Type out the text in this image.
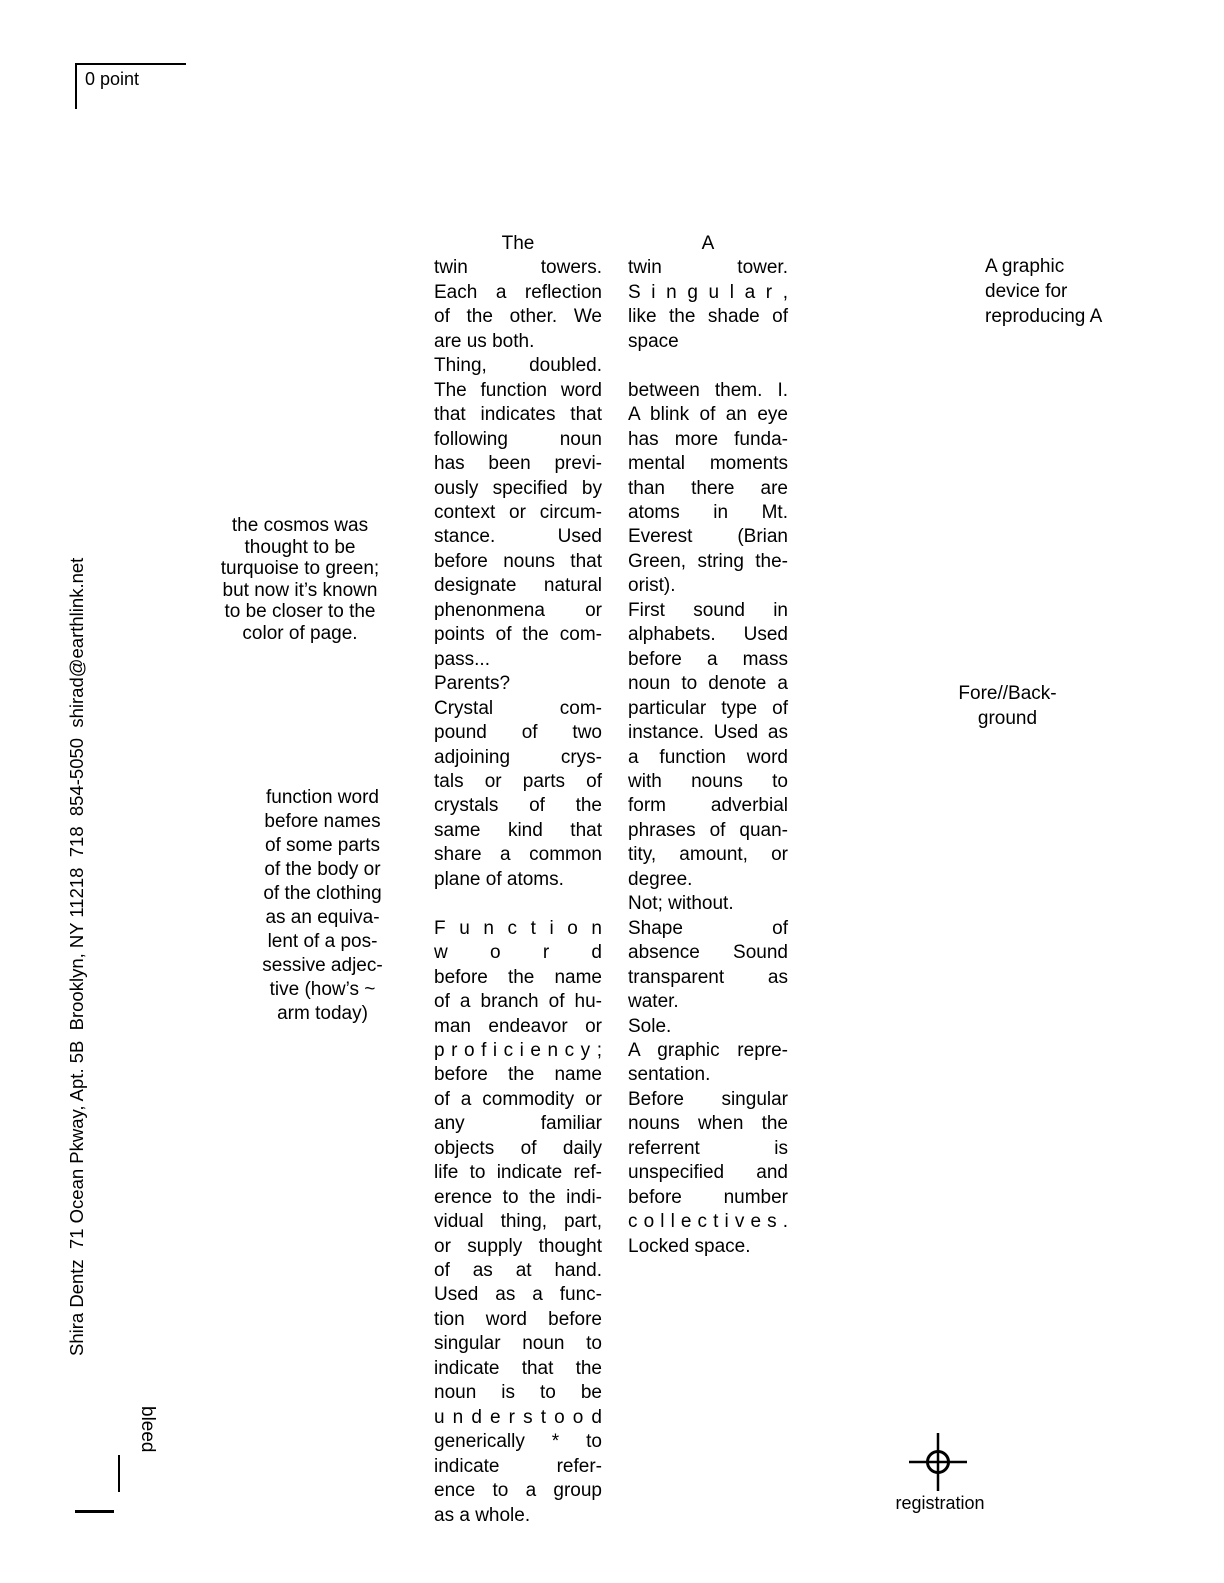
0 point
Shira Dentz  71 Ocean Pkway, Apt. 5B  Brooklyn, NY 11218  718  854-5050  shirad@earthlink.net
bleed
the cosmos was
thought to be
turquoise to green;
but now it’s known
to be closer to the
color of page.
function word
before names
of some parts
of the body or
of the clothing
as an equiva-
lent of a pos-
sessive adjec-
tive (how’s ~
arm today)
The
twin towers.
Each a reflection
of the other. We
are us both.
Thing, doubled.
The function word
that indicates that
following noun
has been previ-
ously specified by
context or circum-
stance. Used
before nouns that
designate natural
phenonmena or
points of the com-
pass...
Parents?
Crystal com-
pound of two
adjoining crys-
tals or parts of
crystals of the
same kind that
share a common
plane of atoms.

F u n c t i o n
w o r d
before the name
of a branch of hu-
man endeavor or
p r o f i c i e n c y ;
before the name
of a commodity or
any familiar
objects of daily
life to indicate ref-
erence to the indi-
vidual thing, part,
or supply thought
of as at hand.
Used as a func-
tion word before
singular noun to
indicate that the
noun is to be
u n d e r s t o o d
generically * to
indicate refer-
ence to a group
as a whole.
A
twin tower.
S i n g u l a r ,
like the shade of
space

between them. I.
A blink of an eye
has more funda-
mental moments
than there are
atoms in Mt.
Everest (Brian
Green, string the-
orist).
First sound in
alphabets. Used
before a mass
noun to denote a
particular type of
instance. Used as
a function word
with nouns to
form adverbial
phrases of quan-
tity, amount, or
degree.
Not; without.
Shape of
absence Sound
transparent as
water.
Sole.
A graphic repre-
sentation.
Before singular
nouns when the
referrent is
unspecified and
before number
c o l l e c t i v e s .
Locked space.
A graphic
device for
reproducing A
Fore//Back-
ground
registration
